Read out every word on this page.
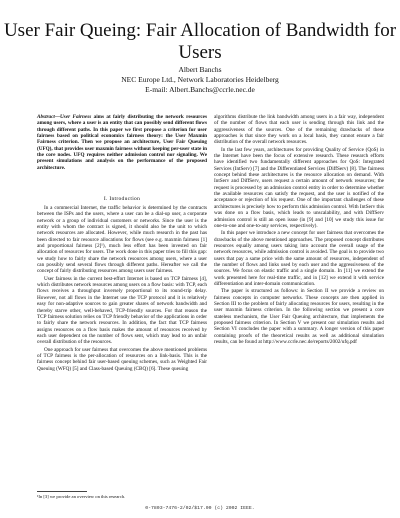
User Fair Queing: Fair Allocation of Bandwidth for Users
Albert Banchs
NEC Europe Ltd., Network Laboratories Heidelberg
E-mail: Albert.Banchs@ccrle.nec.de
Abstract—User Fairness aims at fairly distributing the network resources among users, where a user is an entity that can possibly send different flows through different paths. In this paper we first propose a criterion for user fairness based on political economics fairness theory: the User Maxmin Fairness criterion. Then we propose an architecture, User Fair Queuing (UFQ), that provides user maxmin fairness without keeping per-user state in the core nodes. UFQ requires neither admission control nor signaling. We present simulations and analysis on the performance of the proposed architecture.
I. Introduction

In a commercial Internet, the traffic behavior is determined by the contracts between the ISPs and the users, where a user can be a dial-up user, a corporate network or a group of individual customers or networks. Since the user is the entity with whom the contract is signed, it should also be the unit to which network resources are allocated. However, while much research in the past has been directed to fair resource allocations for flows (see e.g. maxmin fairness [1] and proportional fairness [2]¹), much less effort has been invested on fair allocation of resources for users. The work done in this paper tries to fill this gap: we study how to fairly share the network resources among users, where a user can possibly send several flows through different paths. Hereafter we call the concept of fairly distributing resources among users user fairness.

User fairness in the current best-effort Internet is based on TCP fairness [4], which distributes network resources among users on a flow basis: with TCP, each flows receives a throughput inversely proportional to its round-trip delay. However, not all flows in the Internet use the TCP protocol and it is relatively easy for non-adaptive sources to gain greater shares of network bandwidth and thereby starve other, well-behaved, TCP-friendly sources. For that reason the TCP fairness solution relies on TCP friendly behavior of the applications in order to fairly share the network resources. In addition, the fact that TCP fairness assigns resources on a flow basis makes the amount of resources received by each user dependent on the number of flows sent, which may lead to an unfair overall distribution of the resources.

One approach for user fairness that overcomes the above mentioned problems of TCP fairness is the per-allocation of resources on a link-basis. This is the fairness concept behind fair user-based queuing schemes, such as Weighted Fair Queuing (WFQ) [5] and Class-based Queuing (CBQ) [6]. These queuing

¹In [3] we provide an overview on this research.

algorithms distribute the link bandwidth among users in a fair way, independent of the number of flows that each user is sending through this link and the aggressiveness of the sources. One of the remaining drawbacks of these approaches is that since they work on a local basis, they cannot ensure a fair distribution of the overall network resources.

In the last few years, architectures for providing Quality of Service (QoS) in the Internet have been the focus of extensive research. These research efforts have identified two fundamentally different approaches for QoS: Integrated Services (IntServ) [7] and the Differentiated Services (DiffServ) [8]. The fairness concept behind these architectures is the resource allocation on demand. With IntServ and DiffServ, users request a certain amount of network resources; the request is processed by an admission control entity in order to determine whether the available resources can satisfy the request, and the user is notified of the acceptance or rejection of his request. One of the important challenges of these architectures is precisely how to perform this admission control. With IntServ this was done on a flow basis, which leads to unscalability, and with DiffServ admission control is still an open issue (in [9] and [10] we study this issue for one-to-one and one-to-any services, respectively).

In this paper we introduce a new concept for user fairness that overcomes the drawbacks of the above mentioned approaches. The proposed concept distributes resources equally among users taking into account the overall usage of the network resources, while admission control is avoided. The goal is to provide two users that pay a same price with the same amount of resources, independent of the number of flows and links used by each user and the aggressiveness of the sources. We focus on elastic traffic and a single domain. In [11] we extend the work presented here for real-time traffic, and in [12] we extend it with service differentiation and inter-domain communication.

The paper is structured as follows: in Section II we provide a review on fairness concepts in computer networks. These concepts are then applied in Section III to the problem of fairly allocating resources for users, resulting in the user maxmin fairness criterion. In the following section we present a core stateless mechanism, the User Fair Queuing architecture, that implements the proposed fairness criterion. In Section V we present our simulation results and Section VI concludes the paper with a summary. A longer version of this paper containing proofs of the theoretical results as well as additional simulation results, can be found at http://www.ccrle.nec.de/reports/2002/ufq.pdf

0-7803-7476-2/02/$17.00 (c) 2002 IEEE.
